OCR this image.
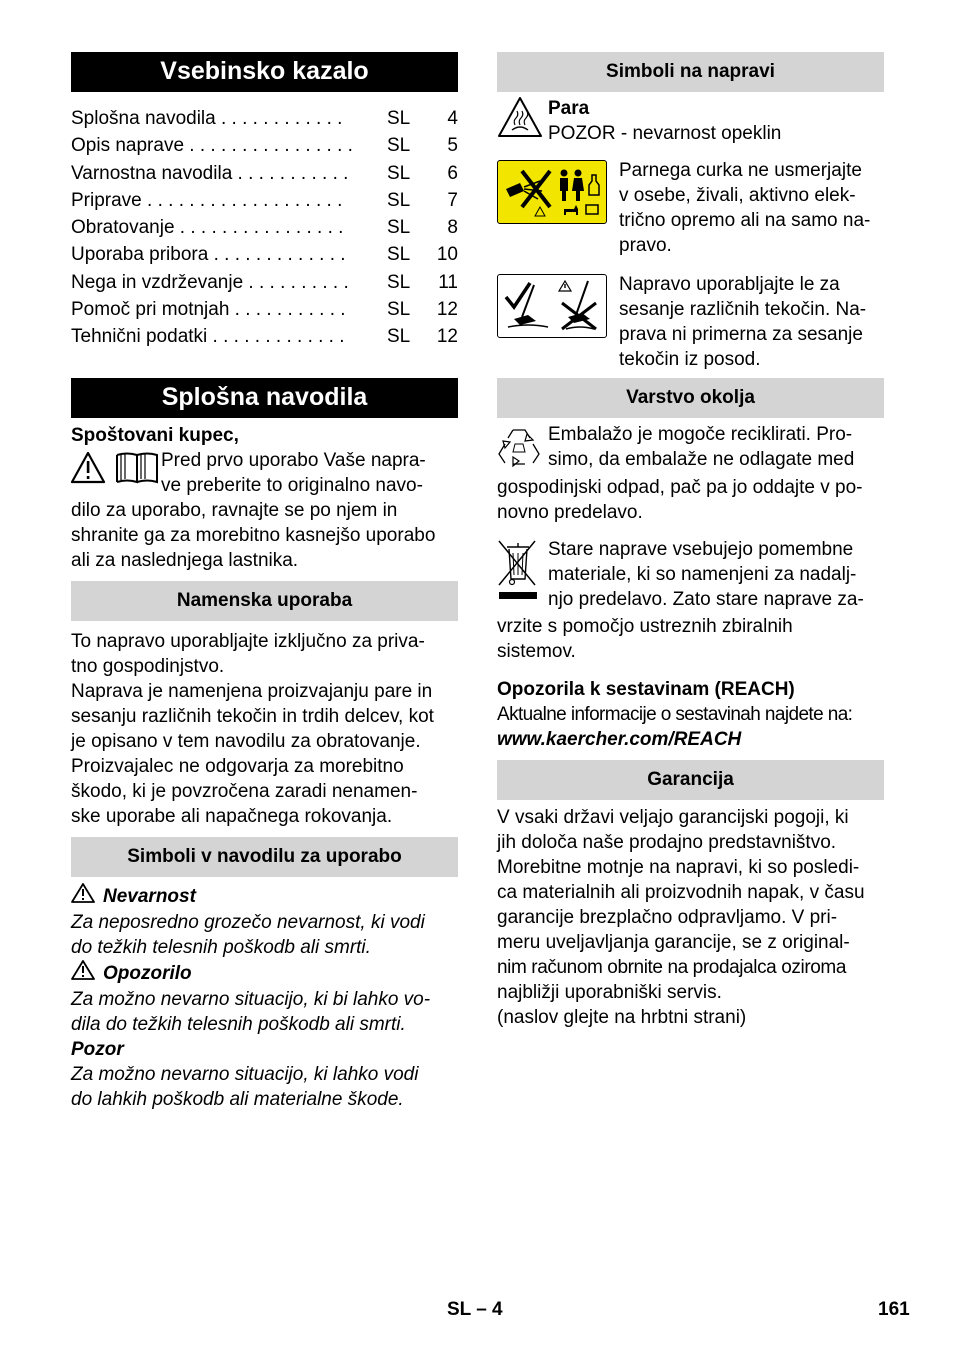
Vsebinsko kazalo
Splošna navodila . . . . . . . . . . . .	SL	4
Opis naprave . . . . . . . . . . . . . . . .	SL	5
Varnostna navodila . . . . . . . . . . .	SL	6
Priprave . . . . . . . . . . . . . . . . . . .	SL	7
Obratovanje . . . . . . . . . . . . . . . .	SL	8
Uporaba pribora . . . . . . . . . . . . .	SL	10
Nega in vzdrževanje . . . . . . . . . .	SL	11
Pomoč pri motnjah . . . . . . . . . . .	SL	12
Tehnični podatki . . . . . . . . . . . . .	SL	12
Splošna navodila

Spoštovani kupec,

Pred prvo uporabo Vaše napra-

ve preberite to originalno navo-

dilo za uporabo, ravnajte se po njem in

shranite ga za morebitno kasnejšo uporabo

ali za naslednjega lastnika.

Namenska uporaba

To napravo uporabljajte izključno za priva-

tno gospodinjstvo.

Naprava je namenjena proizvajanju pare in

sesanju različnih tekočin in trdih delcev, kot

je opisano v tem navodilu za obratovanje.

Proizvajalec ne odgovarja za morebitno

škodo, ki je povzročena zaradi nenamen-

ske uporabe ali napačnega rokovanja.

Simboli v navodilu za uporabo
Nevarnost

Za neposredno grozečo nevarnost, ki vodi

do težkih telesnih poškodb ali smrti.

Opozorilo

Za možno nevarno situacijo, ki bi lahko vo-

dila do težkih telesnih poškodb ali smrti.

Pozor

Za možno nevarno situacijo, ki lahko vodi

do lahkih poškodb ali materialne škode.

Simboli na napravi

Para

POZOR - nevarnost opeklin

Parnega curka ne usmerjajte

v osebe, živali, aktivno elek-

trično opremo ali na samo na-

pravo.

Napravo uporabljajte le za

sesanje različnih tekočin. Na-

prava ni primerna za sesanje

tekočin iz posod.

Varstvo okolja

Embalažo je mogoče reciklirati. Pro-

simo, da embalaže ne odlagate med

gospodinjski odpad, pač pa jo oddajte v po-

novno predelavo.

Stare naprave vsebujejo pomembne

materiale, ki so namenjeni za nadalj-

njo predelavo. Zato stare naprave za-

vrzite s pomočjo ustreznih zbiralnih

sistemov.

Opozorila k sestavinam (REACH)

Aktualne informacije o sestavinah najdete na:

www.kaercher.com/REACH

Garancija

V vsaki državi veljajo garancijski pogoji, ki

jih določa naše prodajno predstavništvo.

Morebitne motnje na napravi, ki so posledi-

ca materialnih ali proizvodnih napak, v času

garancije brezplačno odpravljamo. V pri-

meru uveljavljanja garancije, se z original-

nim računom obrnite na prodajalca oziroma

najbližji uporabniški servis.

(naslov glejte na hrbtni strani)

SL – 4	161
